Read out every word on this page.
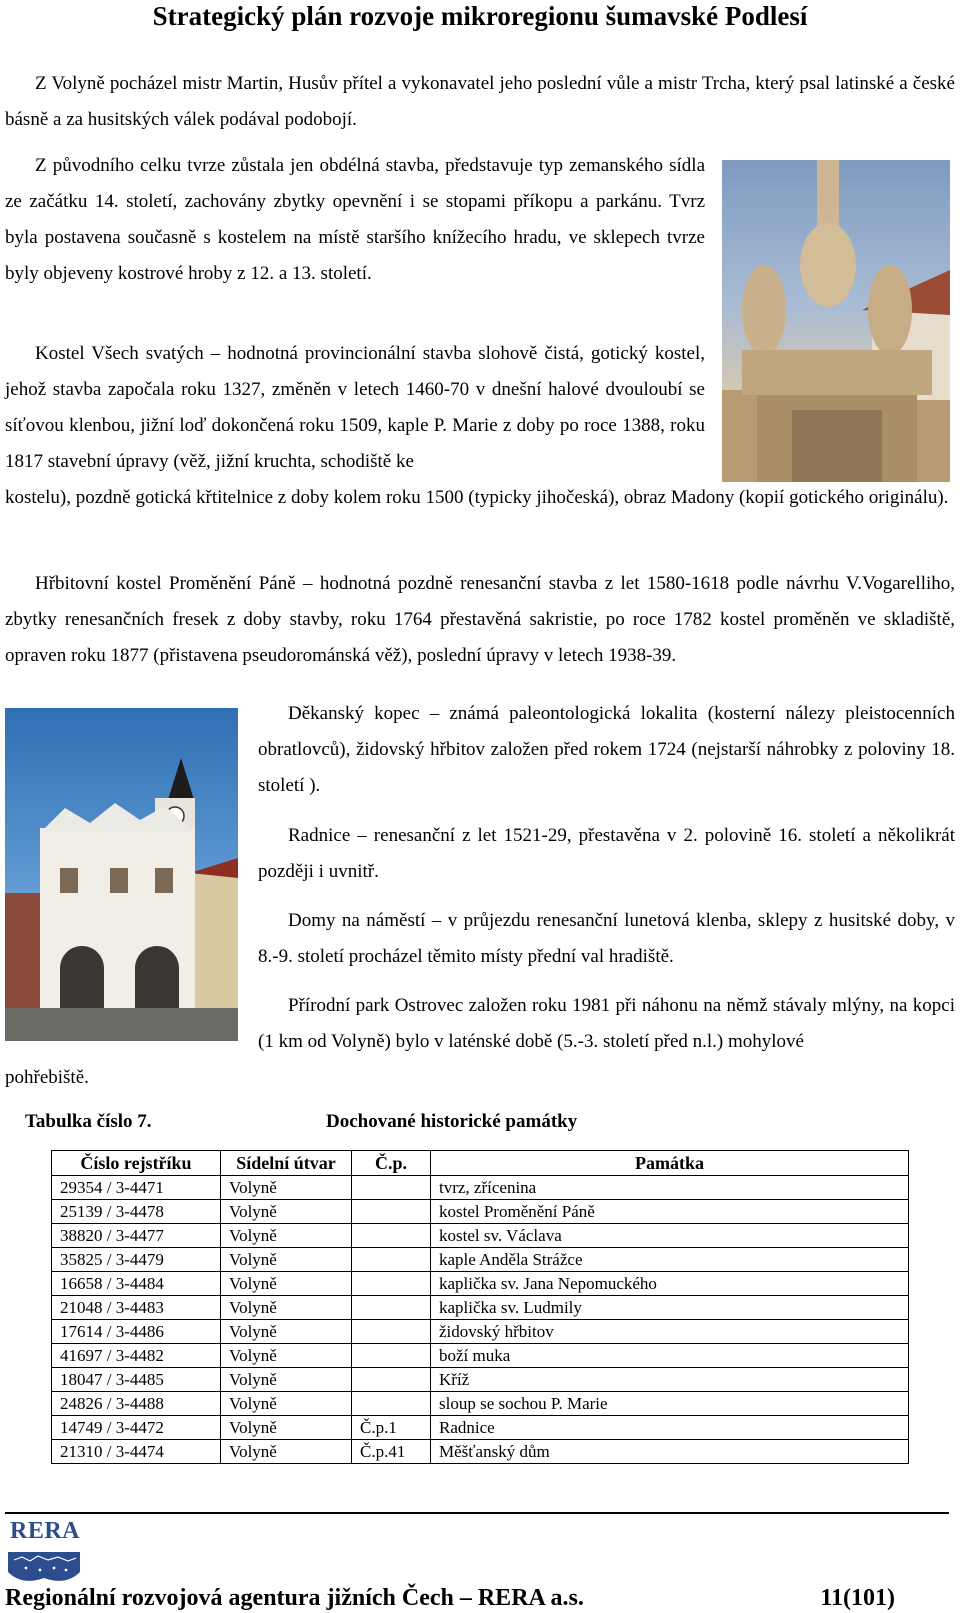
Strategický plán rozvoje mikroregionu šumavské Podlesí

Z Volyně pocházel mistr Martin, Husův přítel a vykonavatel jeho poslední vůle a mistr Trcha, který psal latinské a české básně a za husitských válek podával podobojí.

Z původního celku tvrze zůstala jen obdélná stavba, představuje typ zemanského sídla ze začátku 14. století, zachovány zbytky opevnění i se stopami příkopu a parkánu. Tvrz byla postavena současně s kostelem na místě staršího knížecího hradu, ve sklepech tvrze byly objeveny kostrové hroby z 12. a 13. století.

Kostel Všech svatých – hodnotná provincionální stavba slohově čistá, gotický kostel, jehož stavba započala roku 1327, změněn v letech 1460-70 v dnešní halové dvouloubí se síťovou klenbou, jižní loď dokončená roku 1509, kaple P. Marie z doby po roce 1388, roku 1817 stavební úpravy (věž, jižní kruchta, schodiště ke

kostelu), pozdně gotická křtitelnice z doby kolem roku 1500 (typicky jihočeská), obraz Madony (kopií gotického originálu).

Hřbitovní kostel Proměnění Páně – hodnotná pozdně renesanční stavba z let 1580-1618 podle návrhu V.Vogarelliho, zbytky renesančních fresek z doby stavby, roku 1764 přestavěná sakristie, po roce 1782 kostel proměněn ve skladiště, opraven roku 1877 (přistavena pseudorománská věž), poslední úpravy v letech 1938-39.

Děkanský kopec – známá paleontologická lokalita (kosterní nálezy pleistocenních obratlovců), židovský hřbitov založen před rokem 1724 (nejstarší náhrobky z poloviny 18. století ).

Radnice – renesanční z let 1521-29, přestavěna v 2. polovině 16. století a několikrát později i uvnitř.

Domy na náměstí – v průjezdu renesanční lunetová klenba, sklepy z husitské doby, v 8.-9. století procházel těmito místy přední val hradiště.

Přírodní park Ostrovec založen roku 1981 při náhonu na němž stávaly mlýny, na kopci (1 km od Volyně) bylo v laténské době (5.-3. století před n.l.) mohylové

pohřebiště.

Tabulka číslo 7.	Dochované historické památky
Číslo rejstříku	Sídelní útvar	Č.p.	Památka
29354 / 3-4471	Volyně		tvrz, zřícenina
25139 / 3-4478	Volyně		kostel Proměnění Páně
38820 / 3-4477	Volyně		kostel sv. Václava
35825 / 3-4479	Volyně		kaple Anděla Strážce
16658 / 3-4484	Volyně		kaplička sv. Jana Nepomuckého
21048 / 3-4483	Volyně		kaplička sv. Ludmily
17614 / 3-4486	Volyně		židovský hřbitov
41697 / 3-4482	Volyně		boží muka
18047 / 3-4485	Volyně		Kříž
24826 / 3-4488	Volyně		sloup se sochou P. Marie
14749 / 3-4472	Volyně	Č.p.1	Radnice
21310 / 3-4474	Volyně	Č.p.41	Měšťanský dům
RERA
Regionální rozvojová agentura jižních Čech – RERA a.s.	11(101)
